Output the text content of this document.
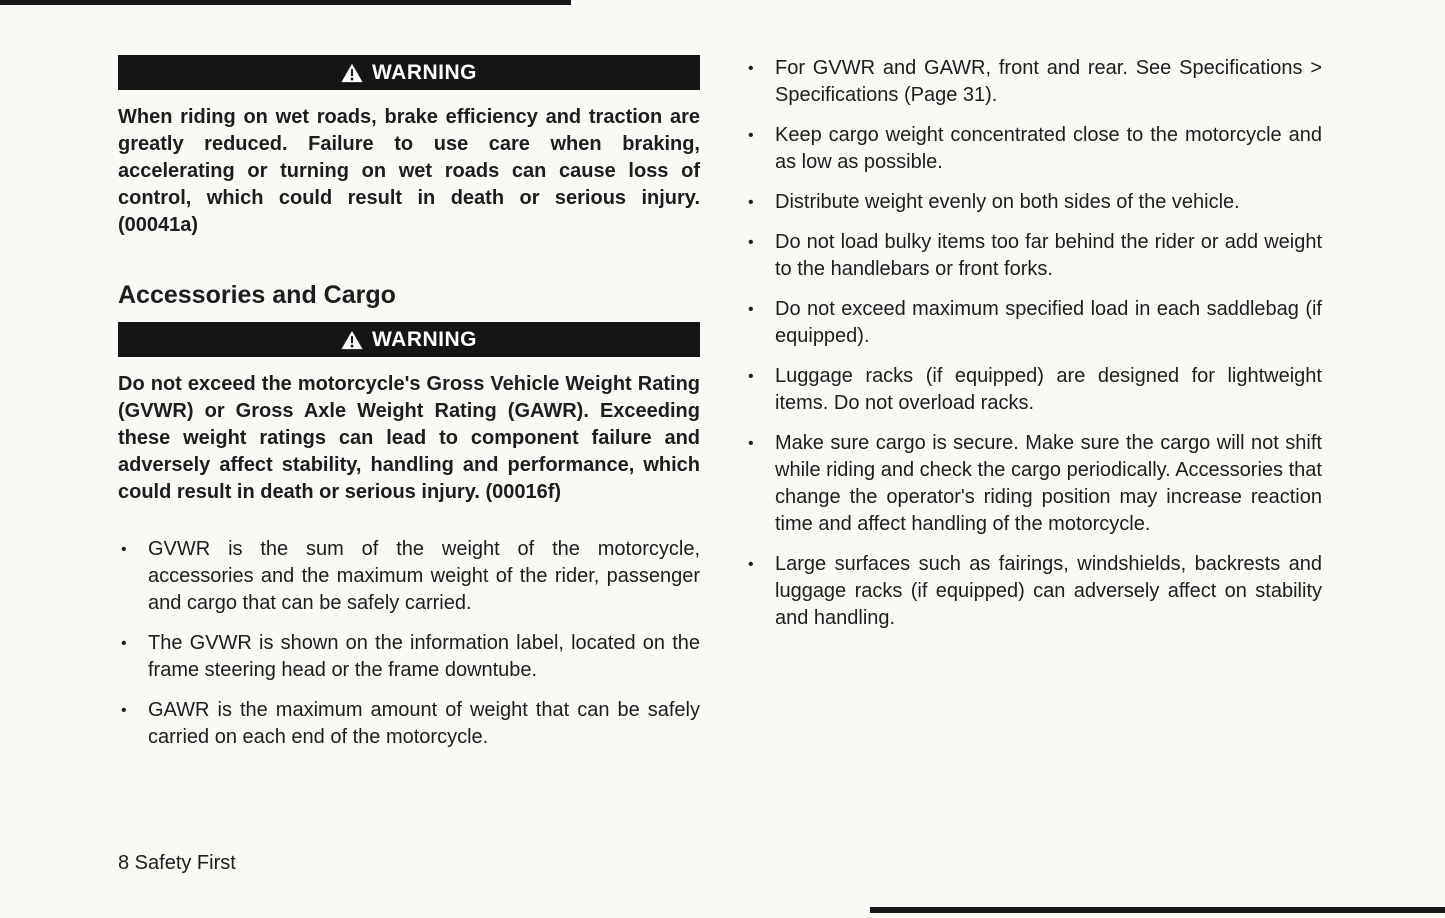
WARNING

When riding on wet roads, brake efficiency and traction are greatly reduced. Failure to use care when braking, accelerating or turning on wet roads can cause loss of control, which could result in death or serious injury. (00041a)

Accessories and Cargo
WARNING

Do not exceed the motorcycle's Gross Vehicle Weight Rating (GVWR) or Gross Axle Weight Rating (GAWR). Exceeding these weight ratings can lead to component failure and adversely affect stability, handling and performance, which could result in death or serious injury. (00016f)

•	GVWR is the sum of the weight of the motorcycle, accessories and the maximum weight of the rider, passenger and cargo that can be safely carried.
•	The GVWR is shown on the information label, located on the frame steering head or the frame downtube.
•	GAWR is the maximum amount of weight that can be safely carried on each end of the motorcycle.
•	For GVWR and GAWR, front and rear. See Specifications > Specifications (Page 31).
•	Keep cargo weight concentrated close to the motorcycle and as low as possible.
•	Distribute weight evenly on both sides of the vehicle.
•	Do not load bulky items too far behind the rider or add weight to the handlebars or front forks.
•	Do not exceed maximum specified load in each saddlebag (if equipped).
•	Luggage racks (if equipped) are designed for lightweight items. Do not overload racks.
•	Make sure cargo is secure. Make sure the cargo will not shift while riding and check the cargo periodically. Accessories that change the operator's riding position may increase reaction time and affect handling of the motorcycle.
•	Large surfaces such as fairings, windshields, backrests and luggage racks (if equipped) can adversely affect on stability and handling.
8 Safety First
